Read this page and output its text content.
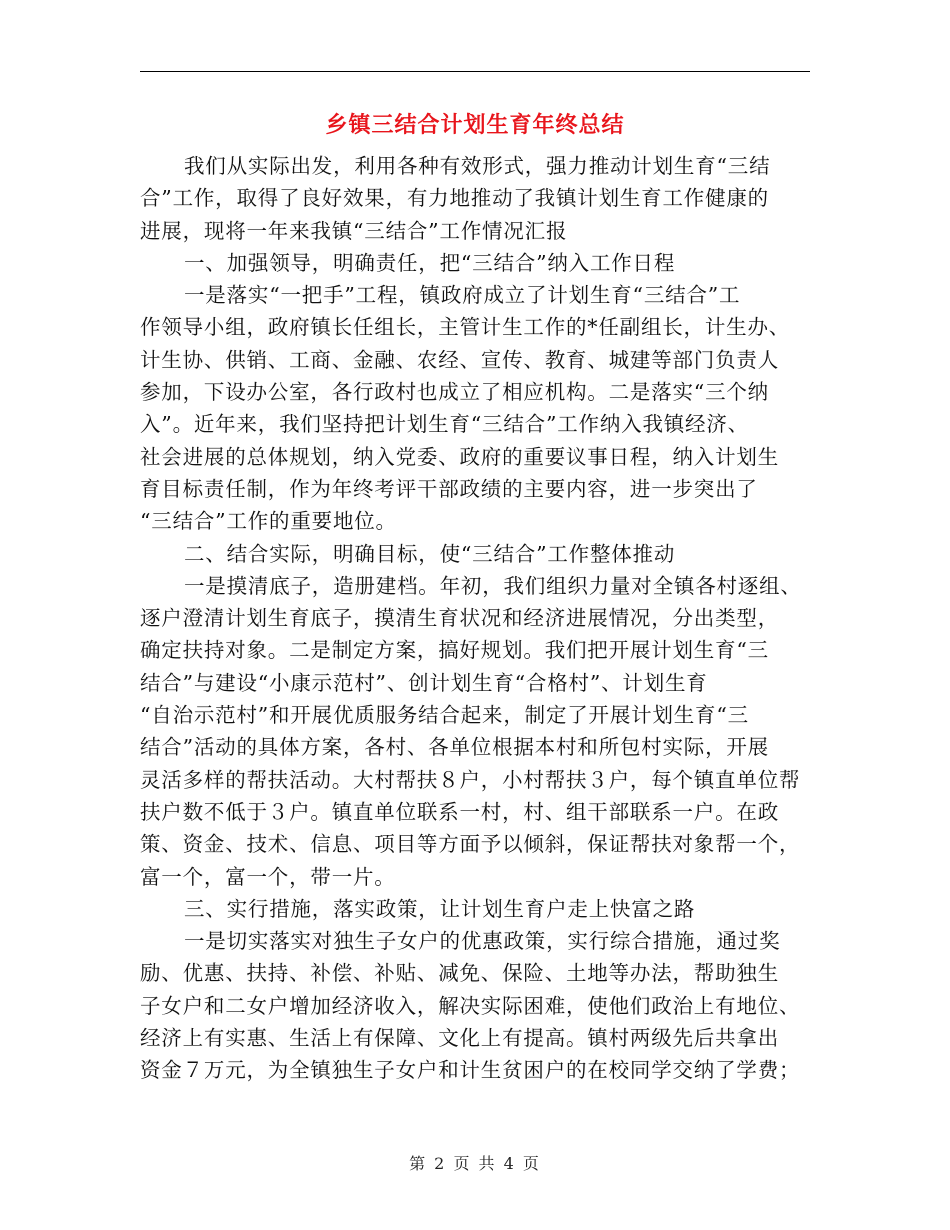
乡镇三结合计划生育年终总结
我们从实际出发，利用各种有效形式，强力推动计划生育“三结
合”工作，取得了良好效果，有力地推动了我镇计划生育工作健康的
进展，现将一年来我镇“三结合”工作情况汇报
一、加强领导，明确责任，把“三结合”纳入工作日程
一是落实“一把手”工程，镇政府成立了计划生育“三结合”工
作领导小组，政府镇长任组长，主管计生工作的*任副组长，计生办、
计生协、供销、工商、金融、农经、宣传、教育、城建等部门负责人
参加，下设办公室，各行政村也成立了相应机构。二是落实“三个纳
入”。近年来，我们坚持把计划生育“三结合”工作纳入我镇经济、
社会进展的总体规划，纳入党委、政府的重要议事日程，纳入计划生
育目标责任制，作为年终考评干部政绩的主要内容，进一步突出了
“三结合”工作的重要地位。
二、结合实际，明确目标，使“三结合”工作整体推动
一是摸清底子，造册建档。年初，我们组织力量对全镇各村逐组、
逐户澄清计划生育底子，摸清生育状况和经济进展情况，分出类型，
确定扶持对象。二是制定方案，搞好规划。我们把开展计划生育“三
结合”与建设“小康示范村”、创计划生育“合格村”、计划生育
“自治示范村”和开展优质服务结合起来，制定了开展计划生育“三
结合”活动的具体方案，各村、各单位根据本村和所包村实际，开展
灵活多样的帮扶活动。大村帮扶８户，小村帮扶３户，每个镇直单位帮
扶户数不低于３户。镇直单位联系一村，村、组干部联系一户。在政
策、资金、技术、信息、项目等方面予以倾斜，保证帮扶对象帮一个，
富一个，富一个，带一片。
三、实行措施，落实政策，让计划生育户走上快富之路
一是切实落实对独生子女户的优惠政策，实行综合措施，通过奖
励、优惠、扶持、补偿、补贴、减免、保险、土地等办法，帮助独生
子女户和二女户增加经济收入，解决实际困难，使他们政治上有地位、
经济上有实惠、生活上有保障、文化上有提高。镇村两级先后共拿出
资金７万元，为全镇独生子女户和计生贫困户的在校同学交纳了学费；
第 2 页 共 4 页
